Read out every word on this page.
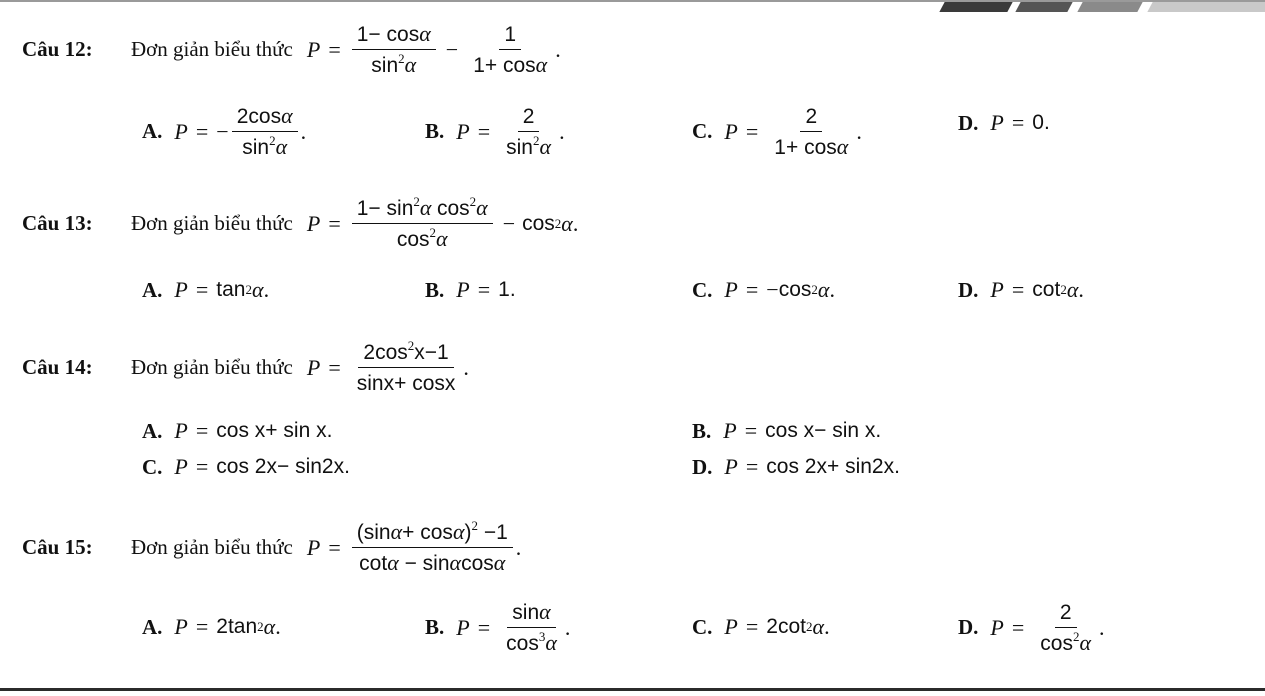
Câu 12:	Đơn giản biểu thức $P = \frac{1- \cos\alpha}{\sin^2\alpha} - \frac{1}{1+ \cos\alpha}$ .
A. P = − $\frac{2\cos\alpha}{\sin^2\alpha}$ .	B. $P = \frac{2}{\sin^2\alpha}$ .	C. $P = \frac{2}{1+ \cos\alpha}$ .	D. P = 0.
Câu 13:	Đơn giản biểu thức $P = \frac{1- \sin^2\alpha \cos^2\alpha}{\cos^2\alpha} - \cos 2$ α .
A. P = tan 2 α .	B. P = 1.	C. P = − cos 2 α .	D. P = cot 2 α .
Câu 14:	Đơn giản biểu thức $P = \frac{2\cos^2x-1}{\sin x+ \cos x}$ .
A. P = cos x+ sin x.	B. P = cos x− sin x.
C. P = cos 2x− sin2x.	D. P = cos 2x+ sin2x.
Câu 15:	Đơn giản biểu thức $P = \frac{(\sin\alpha+ \cos\alpha)^2 -1}{\cot\alpha - \sin\alpha\cos\alpha}$ .
A. P = 2tan 2 α .	B. $P = \frac{\sin\alpha}{\cos^3\alpha}$ .	C. P = 2cot 2 α .	D. $P = \frac{2}{\cos^2\alpha}$ .
